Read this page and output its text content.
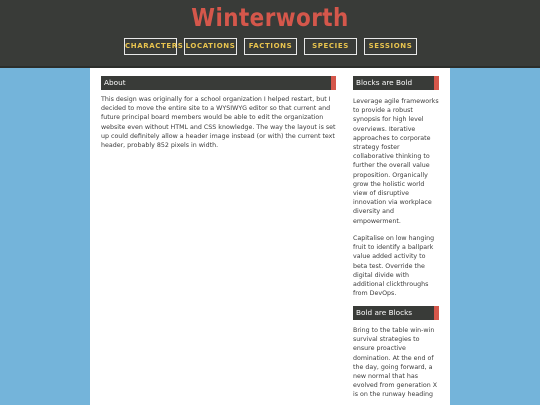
Winterworth
CHARACTERS LOCATIONS	FACTIONS	SPECIES	SESSIONS
About
This design was originally for a school organization I helped restart, but I decided to move the entire site to a WYSIWYG editor so that current and future principal board members would be able to edit the organization website even without HTML and CSS knowledge. The way the layout is set up could definitely allow a header image instead (or with) the current text header, probably 852 pixels in width.
Blocks are Bold
Leverage agile frameworks to provide a robust synopsis for high level overviews. Iterative approaches to corporate strategy foster collaborative thinking to further the overall value proposition. Organically grow the holistic world view of disruptive innovation via workplace diversity and empowerment.
Capitalise on low hanging fruit to identify a ballpark value added activity to beta test. Override the digital divide with additional clickthroughs from DevOps.
Bold are Blocks
Bring to the table win-win survival strategies to ensure proactive domination. At the end of the day, going forward, a new normal that has evolved from generation X is on the runway heading
